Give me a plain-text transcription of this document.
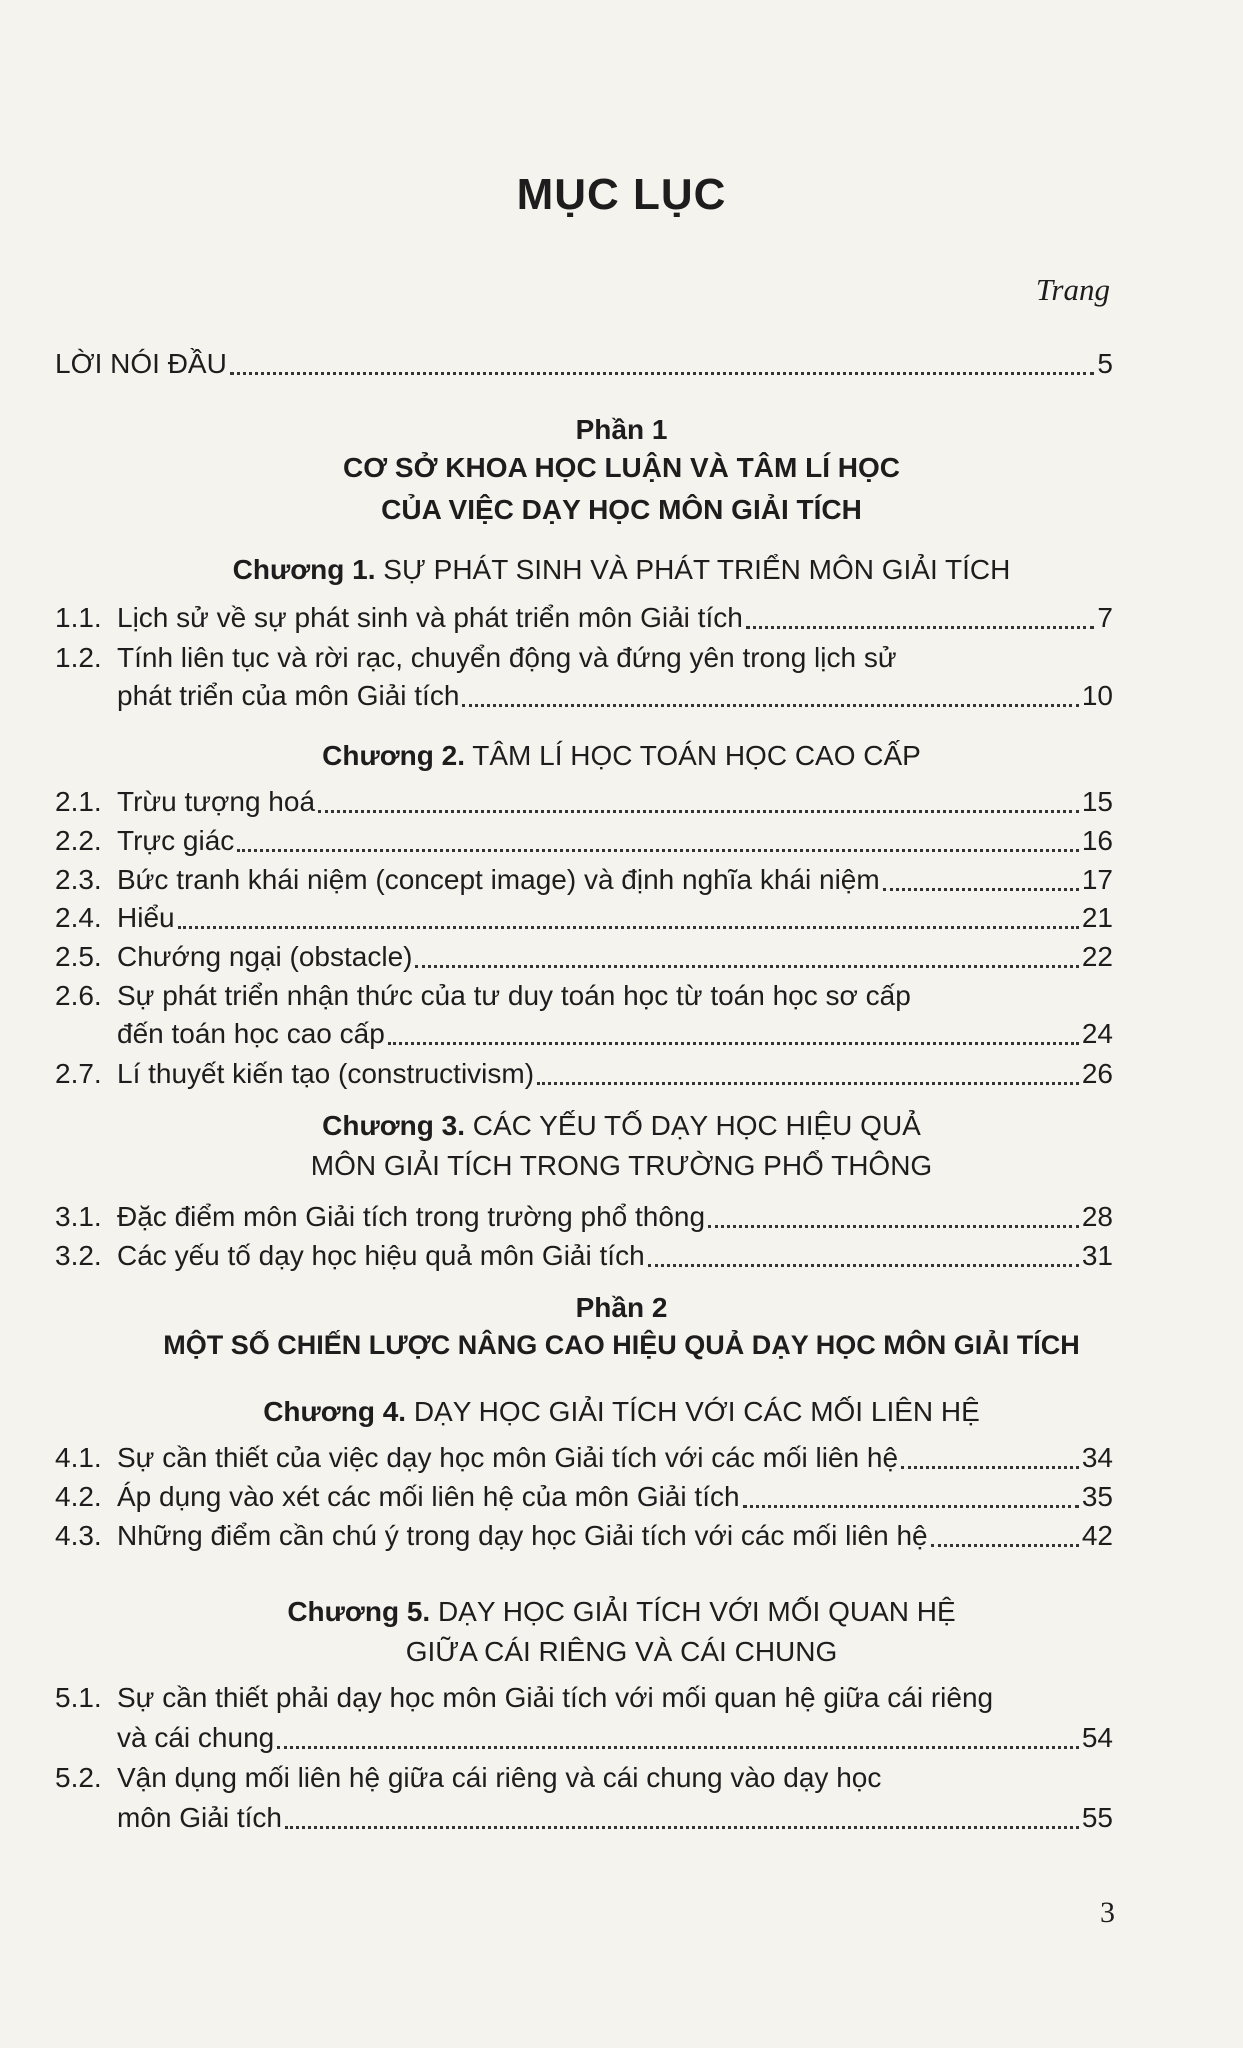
MỤC LỤC
Trang
LỜI NÓI ĐẦU	5
Phần 1
CƠ SỞ KHOA HỌC LUẬN VÀ TÂM LÍ HỌC
CỦA VIỆC DẠY HỌC MÔN GIẢI TÍCH
Chương 1. SỰ PHÁT SINH VÀ PHÁT TRIỂN MÔN GIẢI TÍCH
1.1. Lịch sử về sự phát sinh và phát triển môn Giải tích	7
1.2. Tính liên tục và rời rạc, chuyển động và đứng yên trong lịch sử
phát triển của môn Giải tích	10
Chương 2. TÂM LÍ HỌC TOÁN HỌC CAO CẤP
2.1. Trừu tượng hoá	15
2.2. Trực giác	16
2.3. Bức tranh khái niệm (concept image) và định nghĩa khái niệm	17
2.4. Hiểu	21
2.5. Chướng ngại (obstacle)	22
2.6. Sự phát triển nhận thức của tư duy toán học từ toán học sơ cấp
đến toán học cao cấp	24
2.7. Lí thuyết kiến tạo (constructivism)	26
Chương 3. CÁC YẾU TỐ DẠY HỌC HIỆU QUẢ
MÔN GIẢI TÍCH TRONG TRƯỜNG PHỔ THÔNG
3.1. Đặc điểm môn Giải tích trong trường phổ thông	28
3.2. Các yếu tố dạy học hiệu quả môn Giải tích	31
Phần 2
MỘT SỐ CHIẾN LƯỢC NÂNG CAO HIỆU QUẢ DẠY HỌC MÔN GIẢI TÍCH
Chương 4. DẠY HỌC GIẢI TÍCH VỚI CÁC MỐI LIÊN HỆ
4.1. Sự cần thiết của việc dạy học môn Giải tích với các mối liên hệ	34
4.2. Áp dụng vào xét các mối liên hệ của môn Giải tích	35
4.3. Những điểm cần chú ý trong dạy học Giải tích với các mối liên hệ	42
Chương 5. DẠY HỌC GIẢI TÍCH VỚI MỐI QUAN HỆ
GIỮA CÁI RIÊNG VÀ CÁI CHUNG
5.1. Sự cần thiết phải dạy học môn Giải tích với mối quan hệ giữa cái riêng
và cái chung	54
5.2. Vận dụng mối liên hệ giữa cái riêng và cái chung vào dạy học
môn Giải tích	55
3
